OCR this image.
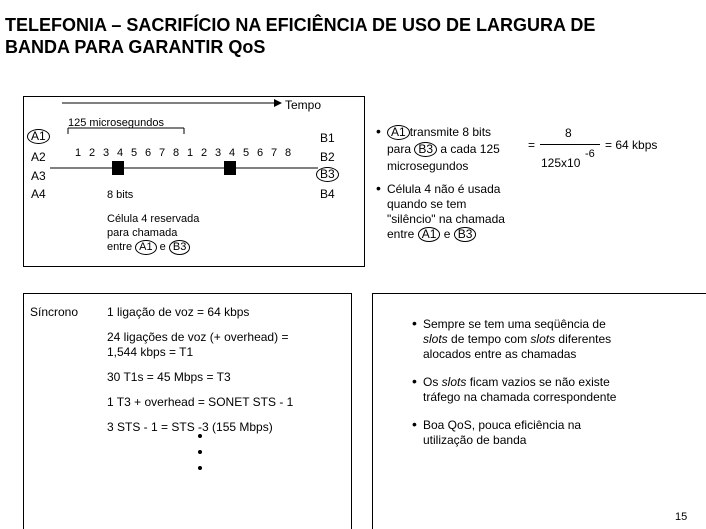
TELEFONIA – SACRIFÍCIO NA EFICIÊNCIA DE USO DE LARGURA DE
BANDA PARA GARANTIR QoS
Tempo
125 microsegundos
A1
A2
A3
A4
B1
B2
B3
B4
1 2 3 4 5 6 7 8 1 2 3 4 5 6 7 8
8 bits
Célula 4 reservada
para chamada
entre A1 e B3
• A1 transmite 8 bits
para B3 a cada 125
microsegundos
=
8
125x10
-6
= 64 kbps
• Célula 4 não é usada
quando se tem
"silêncio" na chamada
entre A1 e B3
Síncrono 1 ligação de voz = 64 kbps
24 ligações de voz (+ overhead) =
1,544 kbps = T1
30 T1s = 45 Mbps = T3
1 T3 + overhead = SONET STS - 1
3 STS - 1 = STS -3 (155 Mbps)
• Sempre se tem uma seqüência de
slots de tempo com slots diferentes
alocados entre as chamadas
• Os slots ficam vazios se não existe
tráfego na chamada correspondente
• Boa QoS, pouca eficiência na
utilização de banda
15
